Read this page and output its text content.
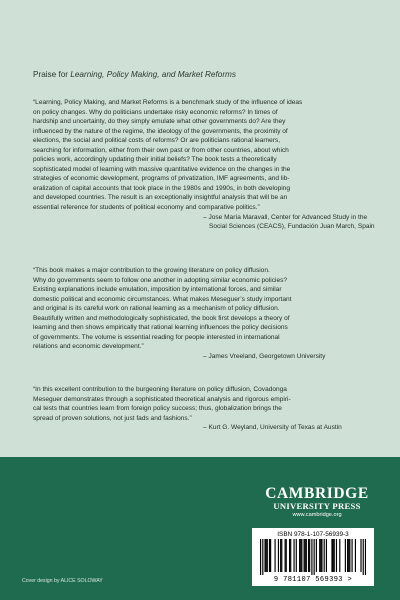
Praise for Learning, Policy Making, and Market Reforms
“Learning, Policy Making, and Market Reforms is a benchmark study of the influence of ideas
on policy changes. Why do politicians undertake risky economic reforms? In times of
hardship and uncertainty, do they simply emulate what other governments do? Are they
influenced by the nature of the regime, the ideology of the governments, the proximity of
elections, the social and political costs of reforms? Or are politicians rational learners,
searching for information, either from their own past or from other countries, about which
policies work, accordingly updating their initial beliefs? The book tests a theoretically
sophisticated model of learning with massive quantitative evidence on the changes in the
strategies of economic development, programs of privatization, IMF agreements, and lib-
eralization of capital accounts that took place in the 1980s and 1990s, in both developing
and developed countries. The result is an exceptionally insightful analysis that will be an
essential reference for students of political economy and comparative politics.”
– Jose María Maravall, Center for Advanced Study in the
Social Sciences (CEACS), Fundación Juan March, Spain
“This book makes a major contribution to the growing literature on policy diffusion.
Why do governments seem to follow one another in adopting similar economic policies?
Existing explanations include emulation, imposition by international forces, and similar
domestic political and economic circumstances. What makes Meseguer’s study important
and original is its careful work on rational learning as a mechanism of policy diffusion.
Beautifully written and methodologically sophisticated, the book first develops a theory of
learning and then shows empirically that rational learning influences the policy decisions
of governments. The volume is essential reading for people interested in international
relations and economic development.”
– James Vreeland, Georgetown University
“In this excellent contribution to the burgeoning literature on policy diffusion, Covadonga
Meseguer demonstrates through a sophisticated theoretical analysis and rigorous empiri-
cal tests that countries learn from foreign policy success; thus, globalization brings the
spread of proven solutions, not just fads and fashions.”
– Kurt G. Weyland, University of Texas at Austin
CAMBRIDGE
UNIVERSITY PRESS
www.cambridge.org
ISBN 978-1-107-56939-3
9 781107 569393 >
Cover design by ALICE SOLOWAY
